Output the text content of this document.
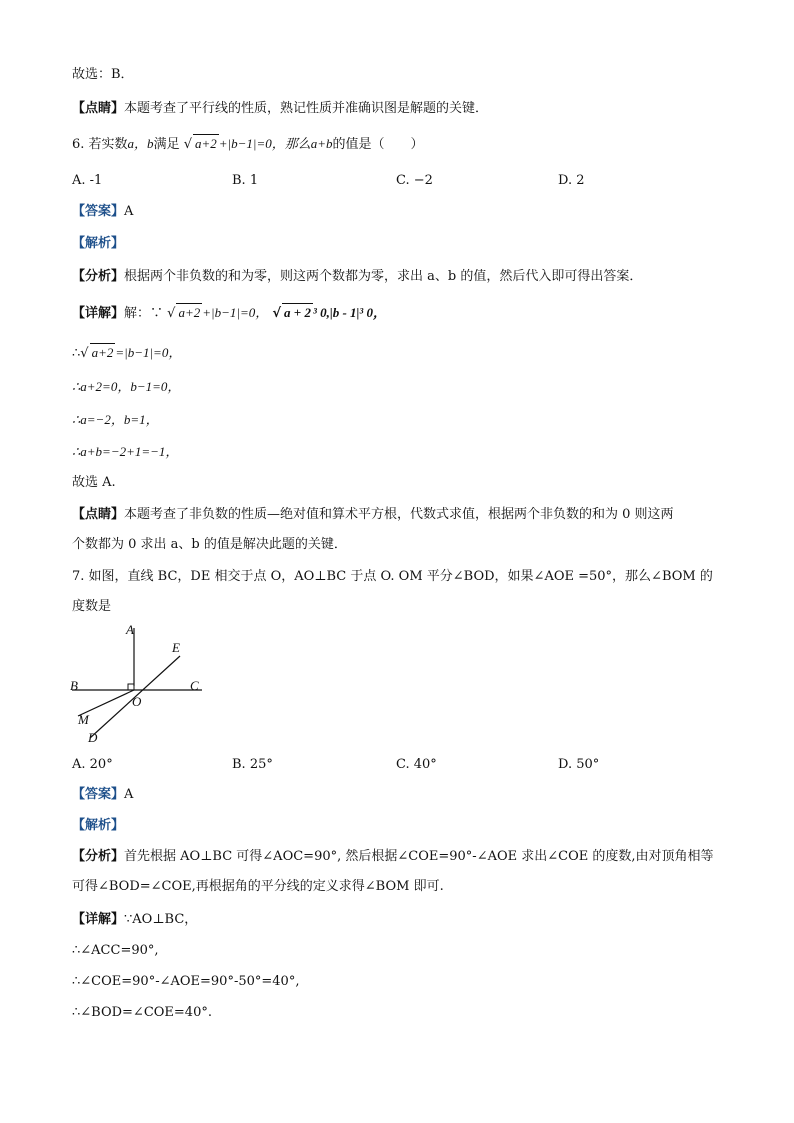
故选：B．
【点睛】本题考查了平行线的性质，熟记性质并准确识图是解题的关键．
6. 若实数a，b满足 √ a+2 +|b−1|=0，那么a+b的值是（　　）
A. -1	B. 1	C. −2	D. 2
【答案】A
【解析】
【分析】根据两个非负数的和为零，则这两个数都为零，求出 a、b 的值，然后代入即可得出答案．
【详解】解：∵ √ a+2 +|b−1|=0， √ a + 2 ³ 0,|b - 1|³ 0，
∴√ a+2 =|b−1|=0，
∴a+2=0，b−1=0，
∴a=−2，b=1，
∴a+b=−2+1=−1，
故选 A.
【点睛】本题考查了非负数的性质—绝对值和算术平方根，代数式求值，根据两个非负数的和为 0 则这两
个数都为 0 求出 a、b 的值是解决此题的关键．
7. 如图，直线 BC，DE 相交于点 O，AO⊥BC 于点 O. OM 平分∠BOD，如果∠AOE =50°，那么∠BOM 的
度数是
A
E
B	C
O
M
D
A. 20°	B. 25°	C. 40°	D. 50°
【答案】A
【解析】
【分析】首先根据 AO⊥BC 可得∠AOC=90°, 然后根据∠COE=90°-∠AOE 求出∠COE 的度数,由对顶角相等
可得∠BOD=∠COE,再根据角的平分线的定义求得∠BOM 即可.
【详解】∵AO⊥BC，
∴∠ACC=90°,
∴∠COE=90°-∠AOE=90°-50°=40°,
∴∠BOD=∠COE=40°.
